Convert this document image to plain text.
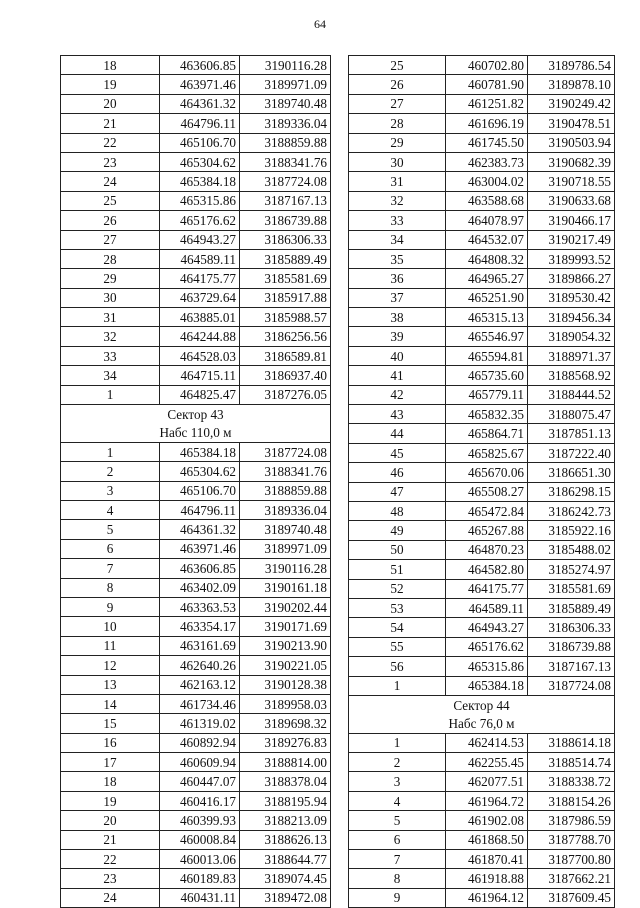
64
18	463606.85	3190116.28
19	463971.46	3189971.09
20	464361.32	3189740.48
21	464796.11	3189336.04
22	465106.70	3188859.88
23	465304.62	3188341.76
24	465384.18	3187724.08
25	465315.86	3187167.13
26	465176.62	3186739.88
27	464943.27	3186306.33
28	464589.11	3185889.49
29	464175.77	3185581.69
30	463729.64	3185917.88
31	463885.01	3185988.57
32	464244.88	3186256.56
33	464528.03	3186589.81
34	464715.11	3186937.40
1	464825.47	3187276.05
Сектор 43		
Набс 110,0 м		
1	465384.18	3187724.08
2	465304.62	3188341.76
3	465106.70	3188859.88
4	464796.11	3189336.04
5	464361.32	3189740.48
6	463971.46	3189971.09
7	463606.85	3190116.28
8	463402.09	3190161.18
9	463363.53	3190202.44
10	463354.17	3190171.69
11	463161.69	3190213.90
12	462640.26	3190221.05
13	462163.12	3190128.38
14	461734.46	3189958.03
15	461319.02	3189698.32
16	460892.94	3189276.83
17	460609.94	3188814.00
18	460447.07	3188378.04
19	460416.17	3188195.94
20	460399.93	3188213.09
21	460008.84	3188626.13
22	460013.06	3188644.77
23	460189.83	3189074.45
24	460431.11	3189472.08
25	460702.80	3189786.54
26	460781.90	3189878.10
27	461251.82	3190249.42
28	461696.19	3190478.51
29	461745.50	3190503.94
30	462383.73	3190682.39
31	463004.02	3190718.55
32	463588.68	3190633.68
33	464078.97	3190466.17
34	464532.07	3190217.49
35	464808.32	3189993.52
36	464965.27	3189866.27
37	465251.90	3189530.42
38	465315.13	3189456.34
39	465546.97	3189054.32
40	465594.81	3188971.37
41	465735.60	3188568.92
42	465779.11	3188444.52
43	465832.35	3188075.47
44	465864.71	3187851.13
45	465825.67	3187222.40
46	465670.06	3186651.30
47	465508.27	3186298.15
48	465472.84	3186242.73
49	465267.88	3185922.16
50	464870.23	3185488.02
51	464582.80	3185274.97
52	464175.77	3185581.69
53	464589.11	3185889.49
54	464943.27	3186306.33
55	465176.62	3186739.88
56	465315.86	3187167.13
1	465384.18	3187724.08
Сектор 44		
Набс 76,0 м		
1	462414.53	3188614.18
2	462255.45	3188514.74
3	462077.51	3188338.72
4	461964.72	3188154.26
5	461902.08	3187986.59
6	461868.50	3187788.70
7	461870.41	3187700.80
8	461918.88	3187662.21
9	461964.12	3187609.45
